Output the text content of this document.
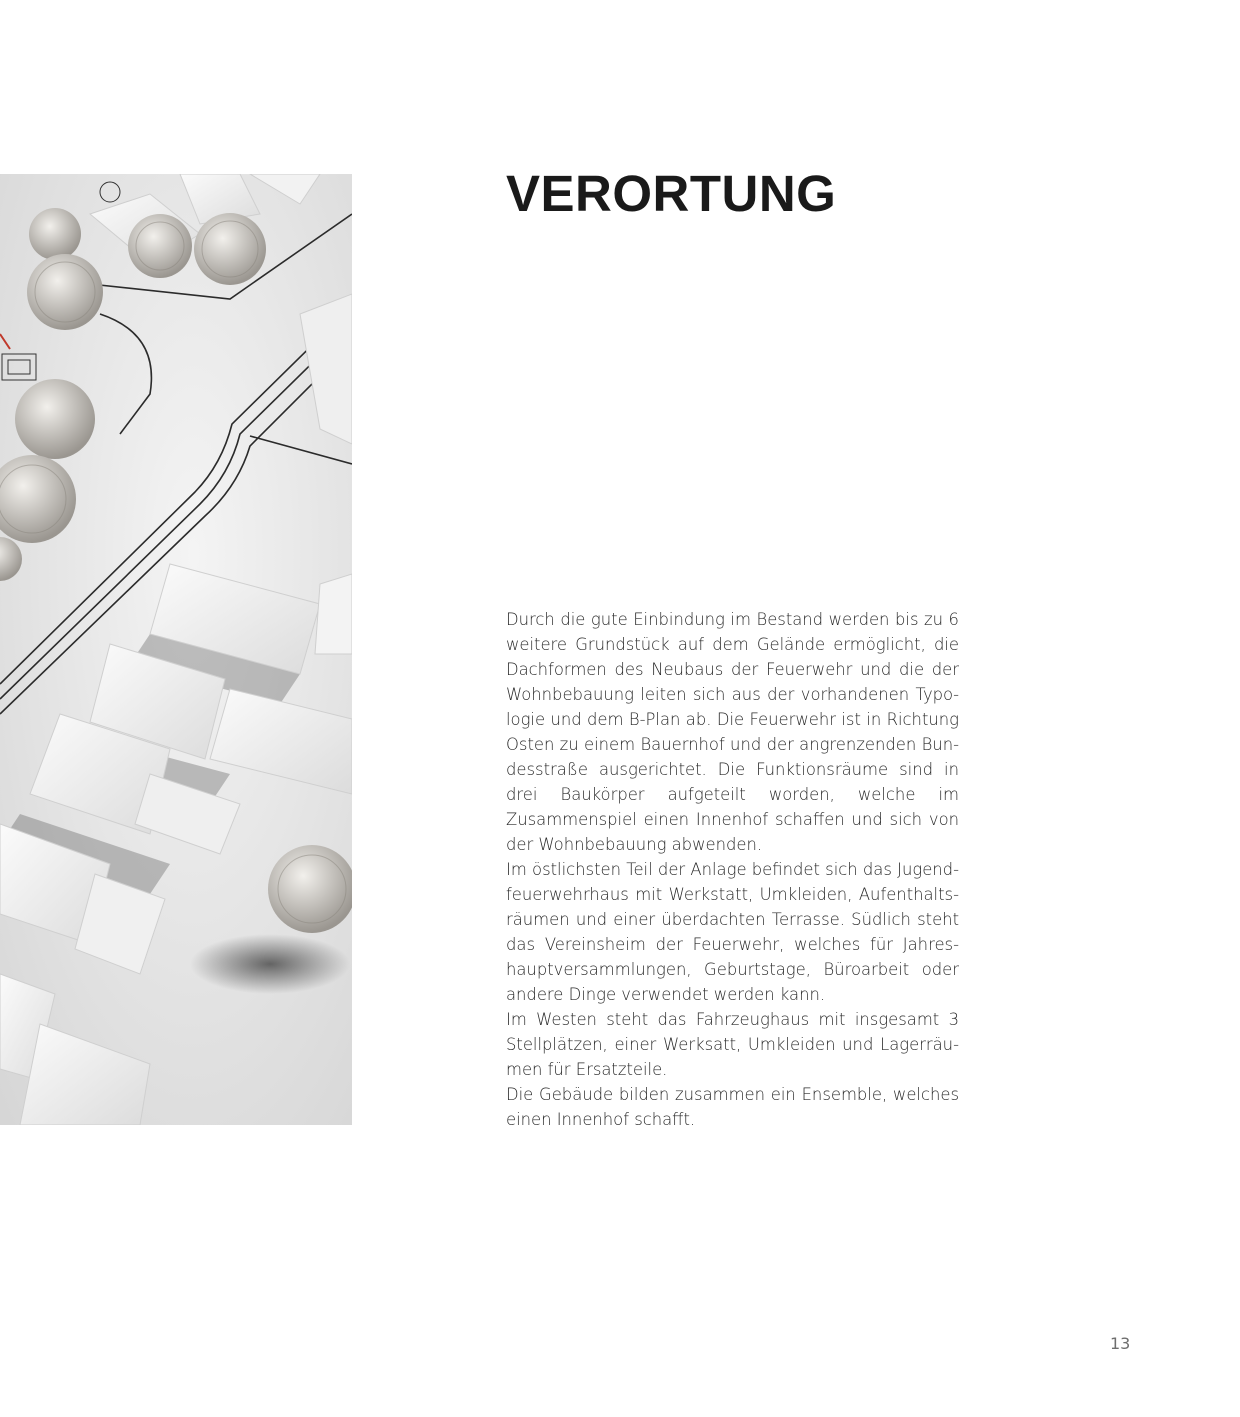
VERORTUNG

Durch die gute Einbindung im Bestand werden bis zu 6 weitere Grundstück auf dem Gelände ermöglicht, die Dachformen des Neubaus der Feuerwehr und die der Wohnbebauung leiten sich aus der vorhandenen Typologie und dem B-Plan ab. Die Feuerwehr ist in Richtung Osten zu einem Bauernhof und der angrenzenden Bundesstraße ausgerichtet. Die Funktionsräume sind in drei Baukörper aufgeteilt worden, welche im Zusammenspiel einen Innenhof schaffen und sich von der Wohnbebauung abwenden.

Im östlichsten Teil der Anlage befindet sich das Jugendfeuerwehrhaus mit Werkstatt, Umkleiden, Aufenthaltsräumen und einer überdachten Terrasse. Südlich steht das Vereinsheim der Feuerwehr, welches für Jahreshauptversammlungen, Geburtstage, Büroarbeit oder andere Dinge verwendet werden kann.

Im Westen steht das Fahrzeughaus mit insgesamt 3 Stellplätzen, einer Werksatt, Umkleiden und Lagerräumen für Ersatzteile.

Die Gebäude bilden zusammen ein Ensemble, welches einen Innenhof schafft.

13
